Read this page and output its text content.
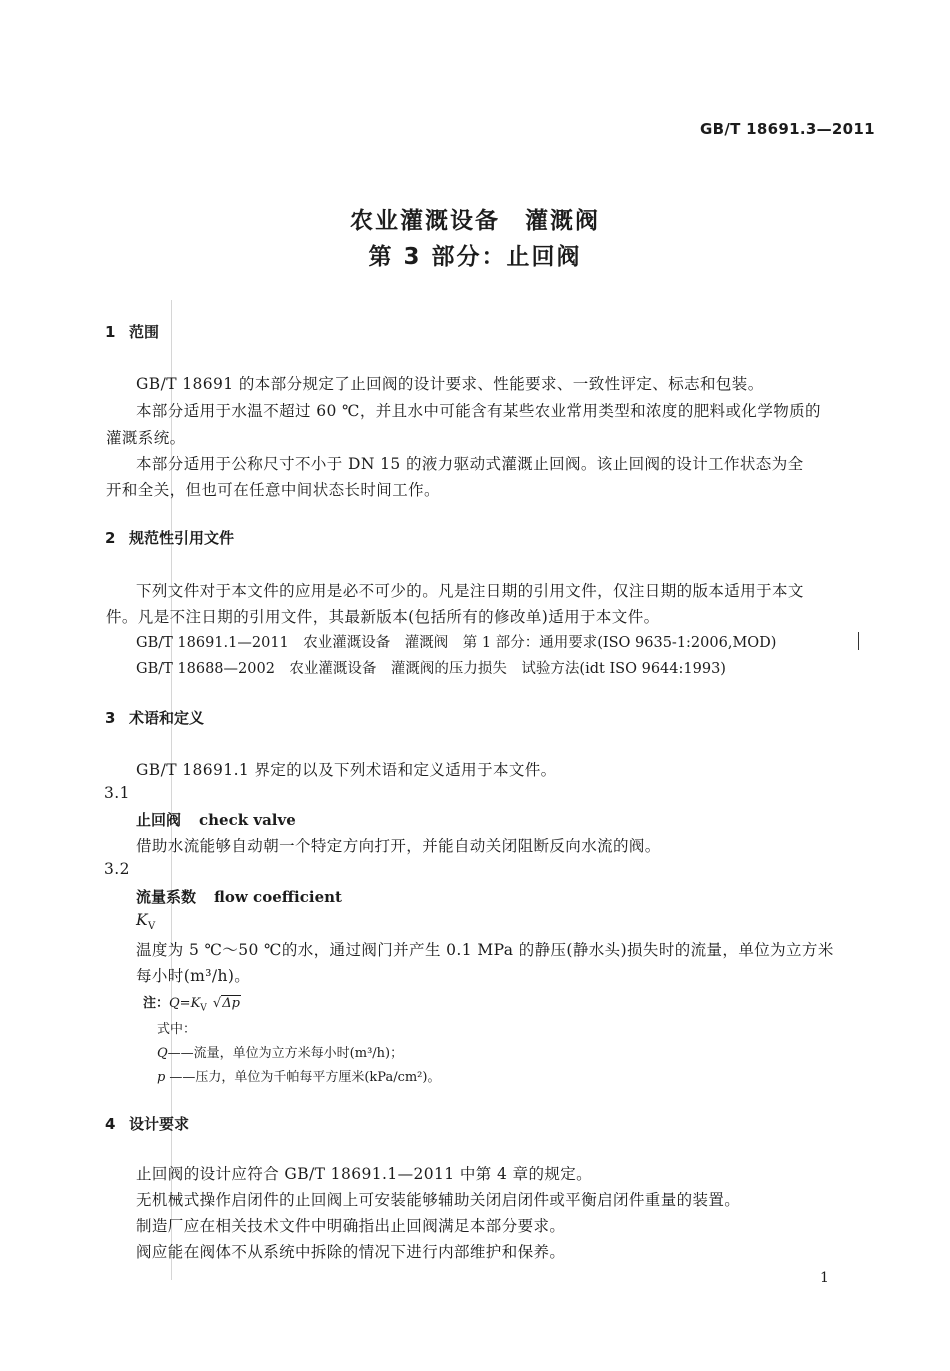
GB/T 18691.3—2011
农业灌溉设备　灌溉阀
第 3 部分：止回阀
1 范围
GB/T 18691 的本部分规定了止回阀的设计要求、性能要求、一致性评定、标志和包装。
本部分适用于水温不超过 60 ℃，并且水中可能含有某些农业常用类型和浓度的肥料或化学物质的
灌溉系统。
本部分适用于公称尺寸不小于 DN 15 的液力驱动式灌溉止回阀。该止回阀的设计工作状态为全
开和全关，但也可在任意中间状态长时间工作。
2 规范性引用文件
下列文件对于本文件的应用是必不可少的。凡是注日期的引用文件，仅注日期的版本适用于本文
件。凡是不注日期的引用文件，其最新版本(包括所有的修改单)适用于本文件。
GB/T 18691.1—2011　农业灌溉设备　灌溉阀　第 1 部分：通用要求(ISO 9635-1:2006,MOD)
GB/T 18688—2002　农业灌溉设备　灌溉阀的压力损失　试验方法(idt ISO 9644:1993)
3 术语和定义
GB/T 18691.1 界定的以及下列术语和定义适用于本文件。
3.1
止回阀 check valve
借助水流能够自动朝一个特定方向打开，并能自动关闭阻断反向水流的阀。
3.2
流量系数 flow coefficient
$K_V$
温度为 5 ℃～50 ℃的水，通过阀门并产生 0.1 MPa 的静压(静水头)损失时的流量，单位为立方米
每小时(m³/h)。
注：$Q=K_V$ √Δp
式中：
Q——流量，单位为立方米每小时(m³/h)；
p ——压力，单位为千帕每平方厘米(kPa/cm²)。
4 设计要求
止回阀的设计应符合 GB/T 18691.1—2011 中第 4 章的规定。
无机械式操作启闭件的止回阀上可安装能够辅助关闭启闭件或平衡启闭件重量的装置。
制造厂应在相关技术文件中明确指出止回阀满足本部分要求。
阀应能在阀体不从系统中拆除的情况下进行内部维护和保养。
1
